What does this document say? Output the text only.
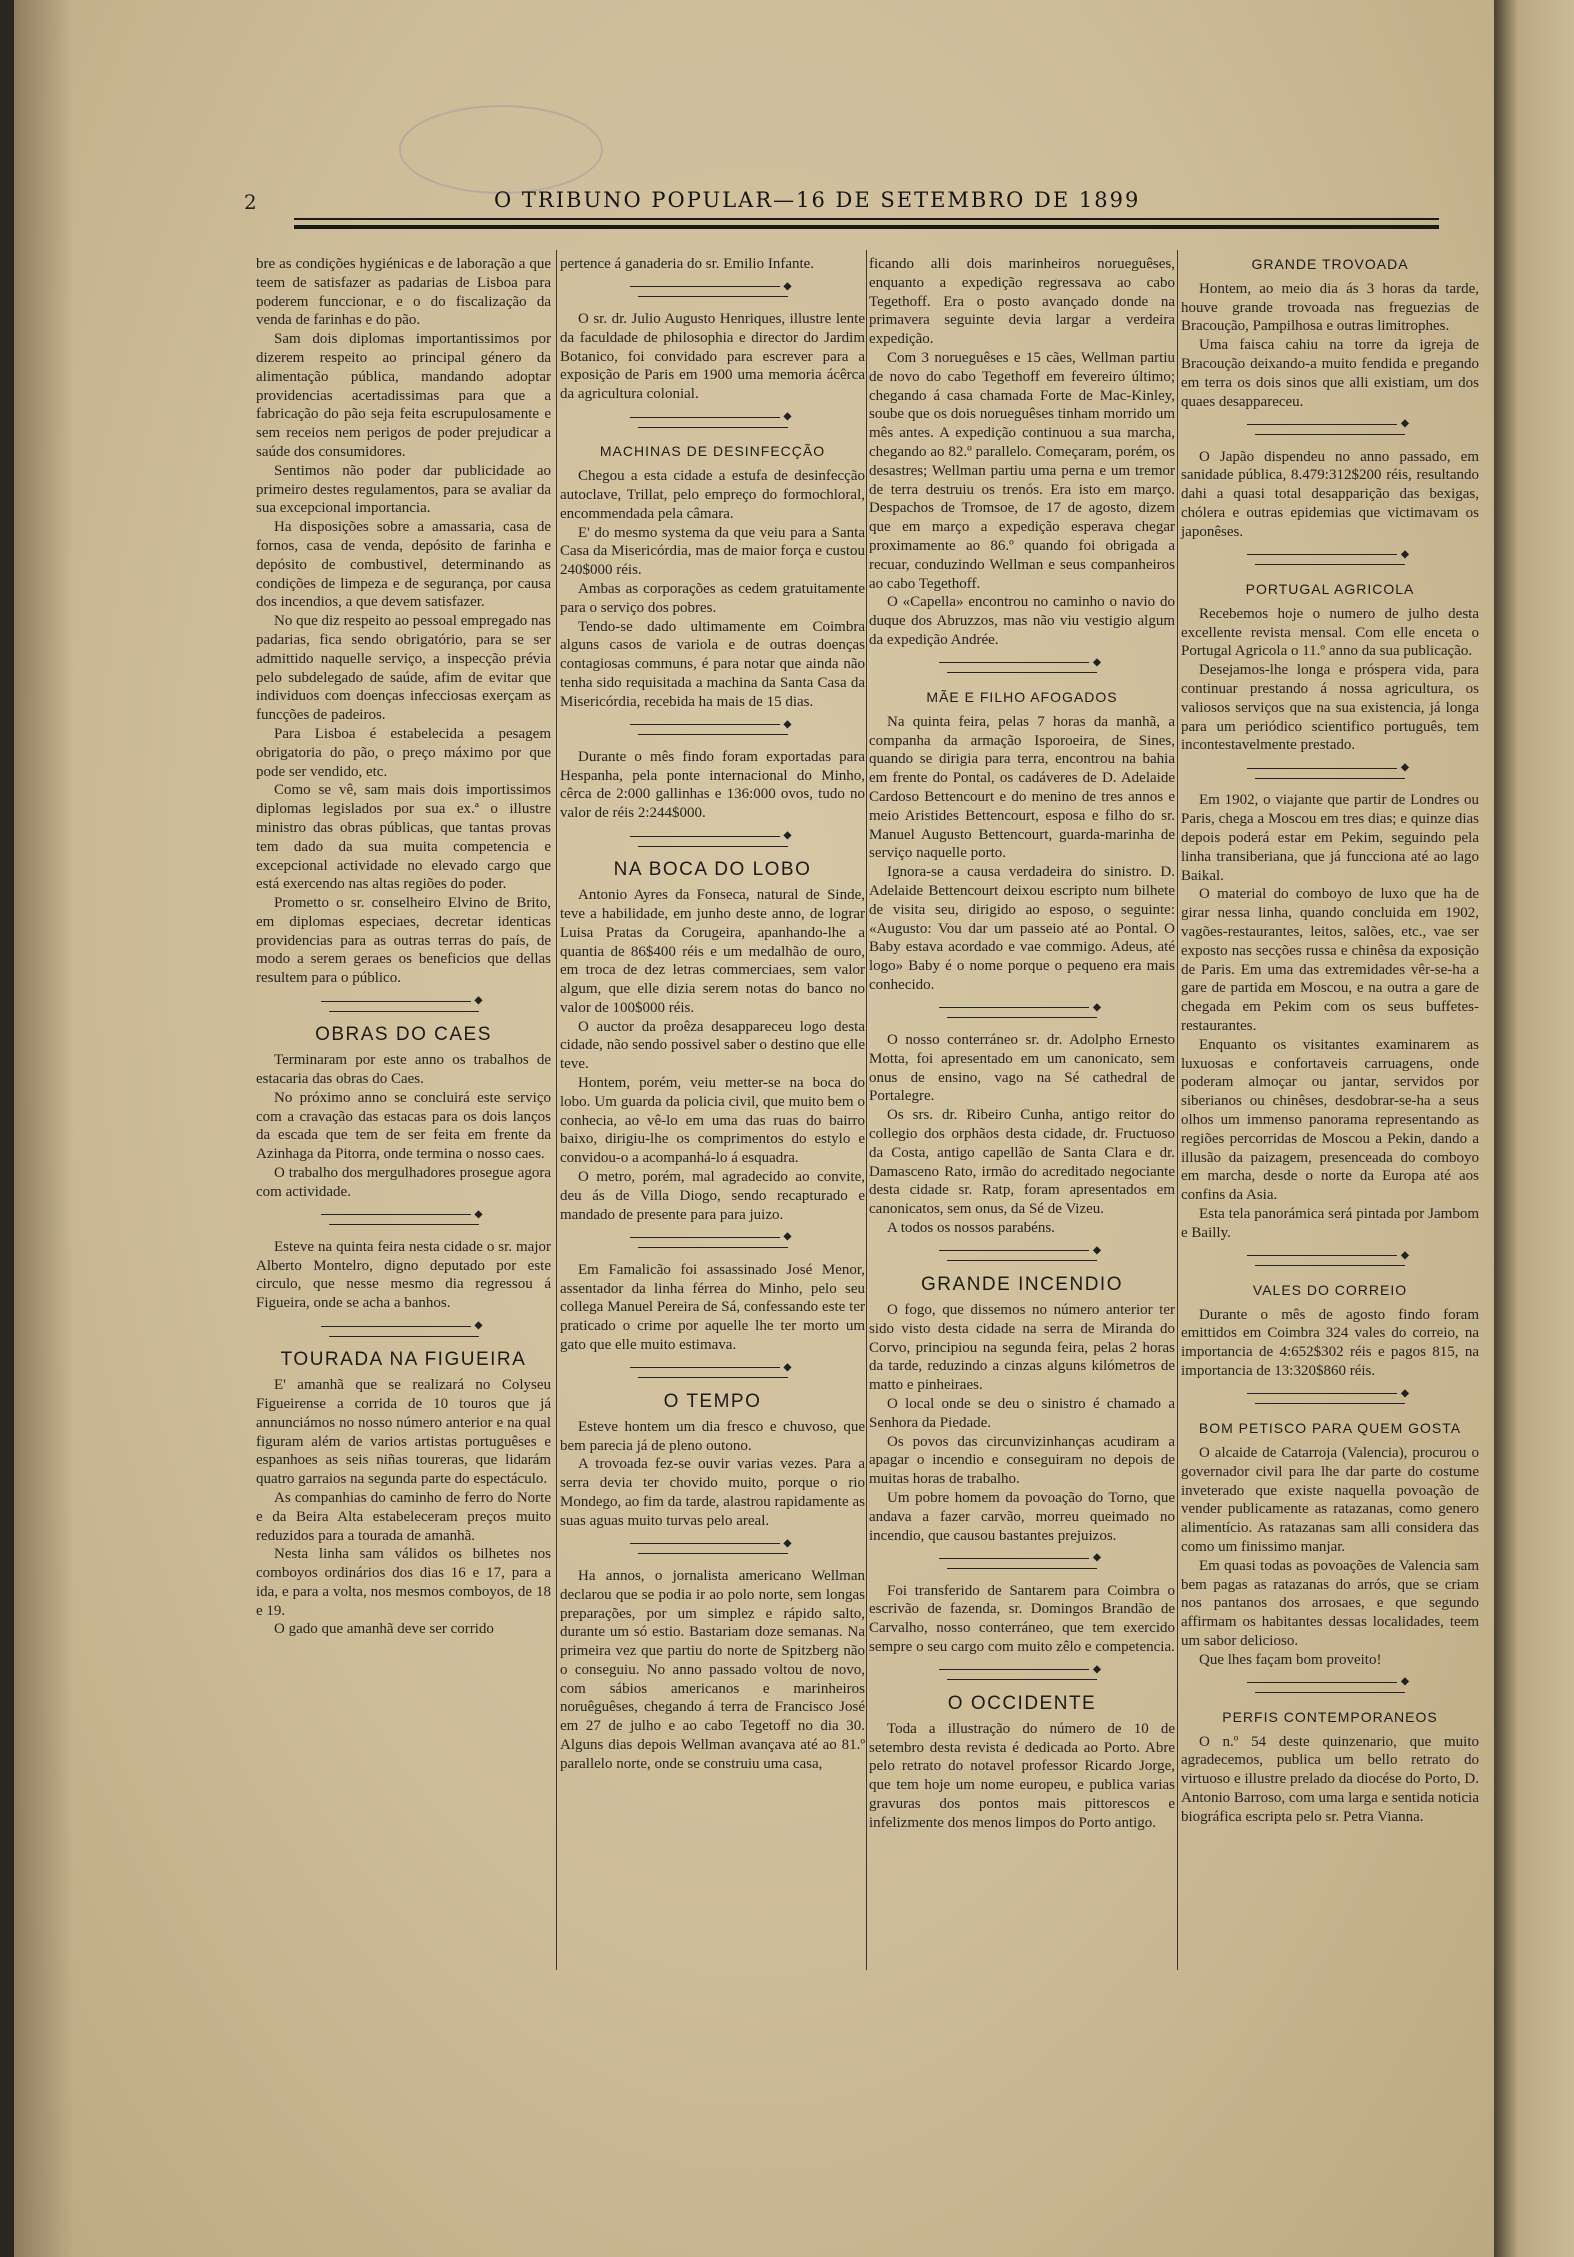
2	O TRIBUNO POPULAR—16 DE SETEMBRO DE 1899

bre as condições hygiénicas e de laboração a que teem de satisfazer as padarias de Lisboa para poderem funccionar, e o do fiscalização da venda de farinhas e do pão.

Sam dois diplomas importantissimos por dizerem respeito ao principal género da alimentação pública, mandando adoptar providencias acertadissimas para que a fabricação do pão seja feita escrupulosamente e sem receios nem perigos de poder prejudicar a saúde dos consumidores.

Sentimos não poder dar publicidade ao primeiro destes regulamentos, para se avaliar da sua excepcional importancia.

Ha disposições sobre a amassaria, casa de fornos, casa de venda, depósito de farinha e depósito de combustivel, determinando as condições de limpeza e de segurança, por causa dos incendios, a que devem satisfazer.

No que diz respeito ao pessoal empregado nas padarias, fica sendo obrigatório, para se ser admittido naquelle serviço, a inspecção prévia pelo subdelegado de saúde, afim de evitar que individuos com doenças infecciosas exerçam as funcções de padeiros.

Para Lisboa é estabelecida a pesagem obrigatoria do pão, o preço máximo por que pode ser vendido, etc.

Como se vê, sam mais dois importissimos diplomas legislados por sua ex.ª o illustre ministro das obras públicas, que tantas provas tem dado da sua muita competencia e excepcional actividade no elevado cargo que está exercendo nas altas regiões do poder.

Prometto o sr. conselheiro Elvino de Brito, em diplomas especiaes, decretar identicas providencias para as outras terras do país, de modo a serem geraes os beneficios que dellas resultem para o público.

◆
OBRAS DO CAES

Terminaram por este anno os trabalhos de estacaria das obras do Caes.

No próximo anno se concluirá este serviço com a cravação das estacas para os dois lanços da escada que tem de ser feita em frente da Azinhaga da Pitorra, onde termina o nosso caes.

O trabalho dos mergulhadores prosegue agora com actividade.

◆

Esteve na quinta feira nesta cidade o sr. major Alberto Montelro, digno deputado por este circulo, que nesse mesmo dia regressou á Figueira, onde se acha a banhos.

◆
TOURADA NA FIGUEIRA

E' amanhã que se realizará no Colyseu Figueirense a corrida de 10 touros que já annunciámos no nosso número anterior e na qual figuram além de varios artistas portuguêses e espanhoes as seis niñas toureras, que lidarám quatro garraios na segunda parte do espectáculo.

As companhias do caminho de ferro do Norte e da Beira Alta estabeleceram preços muito reduzidos para a tourada de amanhã.

Nesta linha sam válidos os bilhetes nos comboyos ordinários dos dias 16 e 17, para a ida, e para a volta, nos mesmos comboyos, de 18 e 19.

O gado que amanhã deve ser corrido

pertence á ganaderia do sr. Emilio Infante.

◆

O sr. dr. Julio Augusto Henriques, illustre lente da faculdade de philosophia e director do Jardim Botanico, foi convidado para escrever para a exposição de Paris em 1900 uma memoria ácêrca da agricultura colonial.

◆
MACHINAS DE DESINFECÇÃO

Chegou a esta cidade a estufa de desinfecção autoclave, Trillat, pelo empreço do formochloral, encommendada pela câmara.

E' do mesmo systema da que veiu para a Santa Casa da Misericórdia, mas de maior força e custou 240$000 réis.

Ambas as corporações as cedem gratuitamente para o serviço dos pobres.

Tendo-se dado ultimamente em Coimbra alguns casos de variola e de outras doenças contagiosas communs, é para notar que ainda não tenha sido requisitada a machina da Santa Casa da Misericórdia, recebida ha mais de 15 dias.

◆

Durante o mês findo foram exportadas para Hespanha, pela ponte internacional do Minho, cêrca de 2:000 gallinhas e 136:000 ovos, tudo no valor de réis 2:244$000.

◆
NA BOCA DO LOBO

Antonio Ayres da Fonseca, natural de Sinde, teve a habilidade, em junho deste anno, de lograr Luisa Pratas da Corugeira, apanhando-lhe a quantia de 86$400 réis e um medalhão de ouro, em troca de dez letras commerciaes, sem valor algum, que elle dizia serem notas do banco no valor de 100$000 réis.

O auctor da proêza desappareceu logo desta cidade, não sendo possivel saber o destino que elle teve.

Hontem, porém, veiu metter-se na boca do lobo. Um guarda da policia civil, que muito bem o conhecia, ao vê-lo em uma das ruas do bairro baixo, dirigiu-lhe os comprimentos do estylo e convidou-o a acompanhá-lo á esquadra.

O metro, porém, mal agradecido ao convite, deu ás de Villa Diogo, sendo recapturado e mandado de presente para para juizo.

◆

Em Famalicão foi assassinado José Menor, assentador da linha férrea do Minho, pelo seu collega Manuel Pereira de Sá, confessando este ter praticado o crime por aquelle lhe ter morto um gato que elle muito estimava.

◆
O TEMPO

Esteve hontem um dia fresco e chuvoso, que bem parecia já de pleno outono.

A trovoada fez-se ouvir varias vezes. Para a serra devia ter chovido muito, porque o rio Mondego, ao fim da tarde, alastrou rapidamente as suas aguas muito turvas pelo areal.

◆

Ha annos, o jornalista americano Wellman declarou que se podia ir ao polo norte, sem longas preparações, por um simplez e rápido salto, durante um só estio. Bastariam doze semanas. Na primeira vez que partiu do norte de Spitzberg não o conseguiu. No anno passado voltou de novo, com sábios americanos e marinheiros noruêguêses, chegando á terra de Francisco José em 27 de julho e ao cabo Tegetoff no dia 30. Alguns dias depois Wellman avançava até ao 81.º parallelo norte, onde se construiu uma casa,

ficando alli dois marinheiros norueguêses, enquanto a expedição regressava ao cabo Tegethoff. Era o posto avançado donde na primavera seguinte devia largar a verdeira expedição.

Com 3 norueguêses e 15 cães, Wellman partiu de novo do cabo Tegethoff em fevereiro último; chegando á casa chamada Forte de Mac-Kinley, soube que os dois norueguêses tinham morrido um mês antes. A expedição continuou a sua marcha, chegando ao 82.º parallelo. Começaram, porém, os desastres; Wellman partiu uma perna e um tremor de terra destruiu os trenós. Era isto em março. Despachos de Tromsoe, de 17 de agosto, dizem que em março a expedição esperava chegar proximamente ao 86.º quando foi obrigada a recuar, conduzindo Wellman e seus companheiros ao cabo Tegethoff.

O «Capella» encontrou no caminho o navio do duque dos Abruzzos, mas não viu vestigio algum da expedição Andrée.

◆
MÃE E FILHO AFOGADOS

Na quinta feira, pelas 7 horas da manhã, a companha da armação Isporoeira, de Sines, quando se dirigia para terra, encontrou na bahia em frente do Pontal, os cadáveres de D. Adelaide Cardoso Bettencourt e do menino de tres annos e meio Aristides Bettencourt, esposa e filho do sr. Manuel Augusto Bettencourt, guarda-marinha de serviço naquelle porto.

Ignora-se a causa verdadeira do sinistro. D. Adelaide Bettencourt deixou escripto num bilhete de visita seu, dirigido ao esposo, o seguinte: «Augusto: Vou dar um passeio até ao Pontal. O Baby estava acordado e vae commigo. Adeus, até logo» Baby é o nome porque o pequeno era mais conhecido.

◆

O nosso conterráneo sr. dr. Adolpho Ernesto Motta, foi apresentado em um canonicato, sem onus de ensino, vago na Sé cathedral de Portalegre.

Os srs. dr. Ribeiro Cunha, antigo reitor do collegio dos orphãos desta cidade, dr. Fructuoso da Costa, antigo capellão de Santa Clara e dr. Damasceno Rato, irmão do acreditado negociante desta cidade sr. Ratp, foram apresentados em canonicatos, sem onus, da Sé de Vizeu.

A todos os nossos parabéns.

◆
GRANDE INCENDIO

O fogo, que dissemos no número anterior ter sido visto desta cidade na serra de Miranda do Corvo, principiou na segunda feira, pelas 2 horas da tarde, reduzindo a cinzas alguns kilómetros de matto e pinheiraes.

O local onde se deu o sinistro é chamado a Senhora da Piedade.

Os povos das circunvizinhanças acudiram a apagar o incendio e conseguiram no depois de muitas horas de trabalho.

Um pobre homem da povoação do Torno, que andava a fazer carvão, morreu queimado no incendio, que causou bastantes prejuizos.

◆

Foi transferido de Santarem para Coimbra o escrivão de fazenda, sr. Domingos Brandão de Carvalho, nosso conterráneo, que tem exercido sempre o seu cargo com muito zêlo e competencia.

◆
O OCCIDENTE

Toda a illustração do número de 10 de setembro desta revista é dedicada ao Porto. Abre pelo retrato do notavel professor Ricardo Jorge, que tem hoje um nome europeu, e publica varias gravuras dos pontos mais pittorescos e infelizmente dos menos limpos do Porto antigo.

GRANDE TROVOADA

Hontem, ao meio dia ás 3 horas da tarde, houve grande trovoada nas freguezias de Bracoução, Pampilhosa e outras limitrophes.

Uma faisca cahiu na torre da igreja de Bracoução deixando-a muito fendida e pregando em terra os dois sinos que alli existiam, um dos quaes desappareceu.

◆

O Japão dispendeu no anno passado, em sanidade pública, 8.479:312$200 réis, resultando dahi a quasi total desapparição das bexigas, chólera e outras epidemias que victimavam os japonêses.

◆
PORTUGAL AGRICOLA

Recebemos hoje o numero de julho desta excellente revista mensal. Com elle encetа o Portugal Agricola o 11.º anno da sua publicação.

Desejamos-lhe longa e próspera vida, para continuar prestando á nossa agricultura, os valiosos serviços que na sua existencia, já longa para um periódico scientifico português, tem incontestavelmente prestado.

◆

Em 1902, o viajante que partir de Londres ou Paris, chega a Moscou em tres dias; e quinze dias depois poderá estar em Pekim, seguindo pela linha transiberiana, que já funcciona até ao lago Baikal.

O material do comboyo de luxo que ha de girar nessa linha, quando concluida em 1902, vagões-restaurantes, leitos, salões, etc., vae ser exposto nas secções russa e chinêsa da exposição de Paris. Em uma das extremidades vêr-se-ha a gare de partida em Moscou, e na outra a gare de chegada em Pekim com os seus buffetes-restaurantes.

Enquanto os visitantes examinarem as luxuosas e confortaveis carruagens, onde poderam almoçar ou jantar, servidos por siberianos ou chinêses, desdobrar-se-ha a seus olhos um immenso panorama representando as regiões percorridas de Moscou a Pekin, dando a illusão da paizagem, presenceada do comboyo em marcha, desde o norte da Europa até aos confins da Asia.

Esta tela panorámica será pintada por Jambom e Bailly.

◆
VALES DO CORREIO

Durante o mês de agosto findo foram emittidos em Coimbra 324 vales do correio, na importancia de 4:652$302 réis e pagos 815, na importancia de 13:320$860 réis.

◆
BOM PETISCO PARA QUEM GOSTA

O alcaide de Catarroja (Valencia), procurou o governador civil para lhe dar parte do costume inveterado que existe naquella povoação de vender publicamente as ratazanas, como genero alimentício. As ratazanas sam alli considera das como um finissimo manjar.

Em quasi todas as povoações de Valencia sam bem pagas as ratazanas do arrós, que se criam nos pantanos dos arrosaes, e que segundo affirmam os habitantes dessas localidades, teem um sabor delicioso.

Que lhes façam bom proveito!

◆
PERFIS CONTEMPORANEOS

O n.º 54 deste quinzenario, que muito agradecemos, publica um bello retrato do virtuoso e illustre prelado da diocése do Porto, D. Antonio Barroso, com uma larga e sentida noticia biográfica escripta pelo sr. Petra Vianna.
